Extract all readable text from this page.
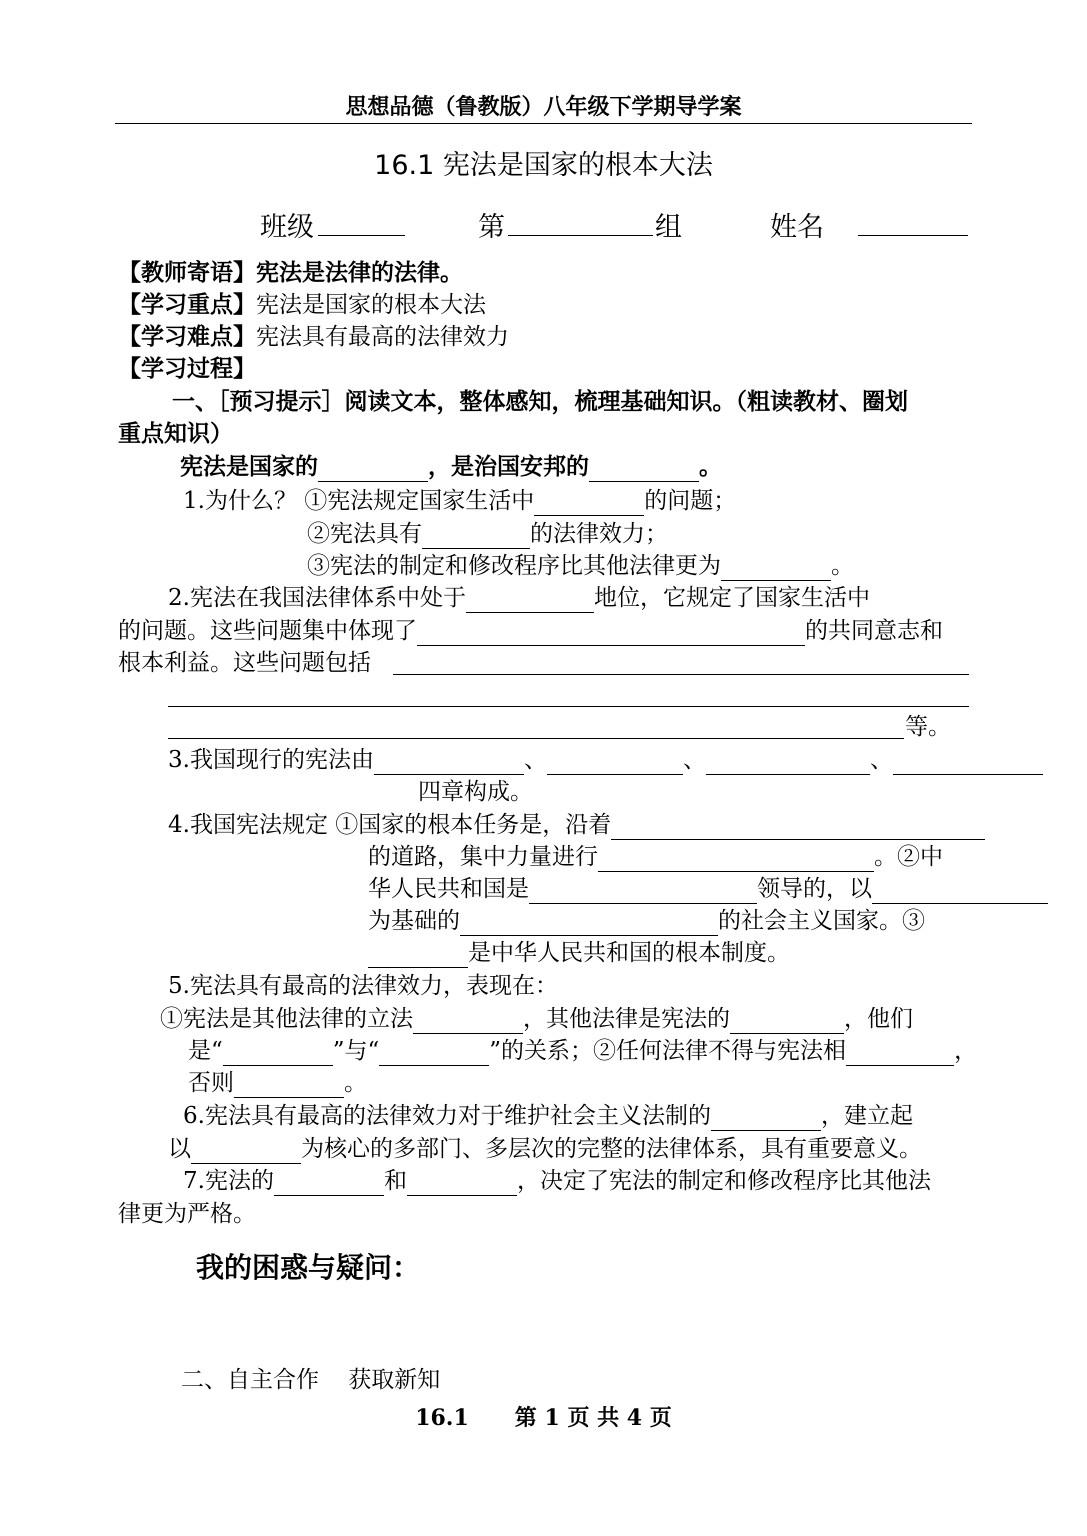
思想品德（鲁教版）八年级下学期导学案
16.1 宪法是国家的根本大法
班级	第	组	姓名
【教师寄语】宪法是法律的法律。
【学习重点】宪法是国家的根本大法
【学习难点】宪法具有最高的法律效力
【学习过程】
一、［预习提示］阅读文本，整体感知，梳理基础知识。（粗读教材、圈划
重点知识）
宪法是国家的	，是治国安邦的	。
1.为什么？ ①宪法规定国家生活中	的问题；
②宪法具有	的法律效力；
③宪法的制定和修改程序比其他法律更为	。
2.宪法在我国法律体系中处于	地位，它规定了国家生活中
的问题。这些问题集中体现了	的共同意志和
根本利益。这些问题包括
等。
3.我国现行的宪法由	、	、	、
四章构成。
4.我国宪法规定 ①国家的根本任务是，沿着
的道路，集中力量进行	。②中
华人民共和国是	领导的，以
为基础的	的社会主义国家。③
是中华人民共和国的根本制度。
5.宪法具有最高的法律效力，表现在：
①宪法是其他法律的立法	，其他法律是宪法的	，他们
是“	”与“	”的关系；②任何法律不得与宪法相	，
否则	。
6.宪法具有最高的法律效力对于维护社会主义法制的	，建立起
以	为核心的多部门、多层次的完整的法律体系，具有重要意义。
7.宪法的	和	，决定了宪法的制定和修改程序比其他法
律更为严格。
我的困惑与疑问：
二、自主合作    获取新知
16.1 第 1 页 共 4 页
